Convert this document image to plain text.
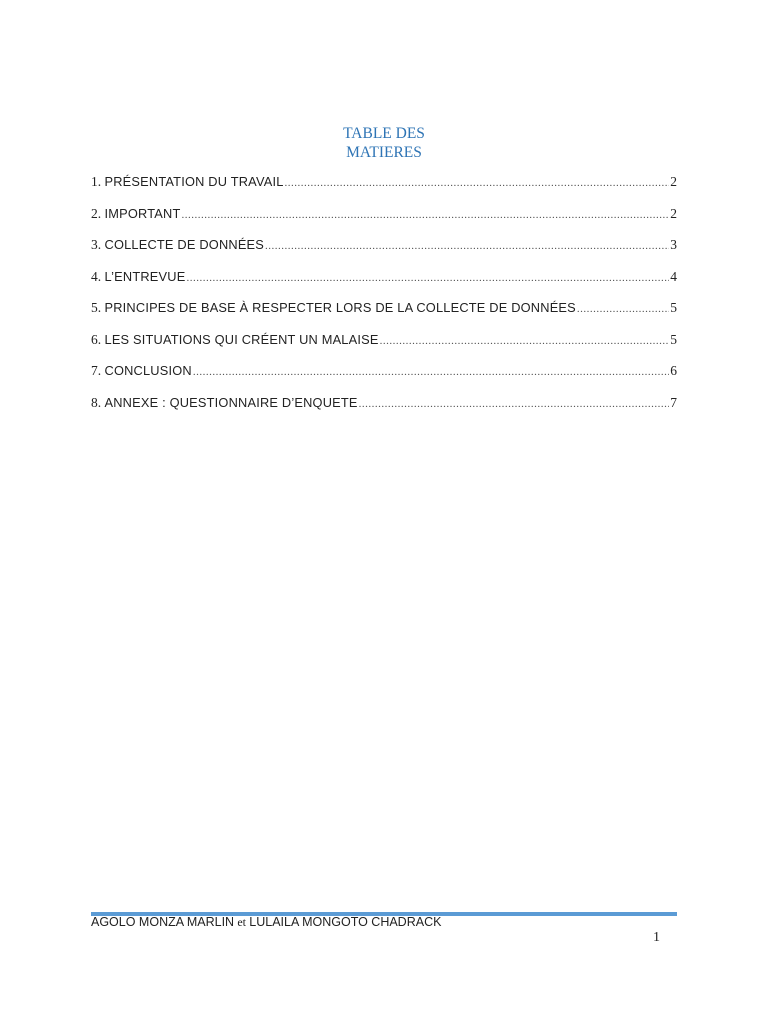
TABLE DES
MATIERES
1. PRÉSENTATION DU TRAVAIL .....	2
2. IMPORTANT .....	2
3. COLLECTE DE DONNÉES .....	3
4. L’ENTREVUE .....	4
5. PRINCIPES DE BASE À RESPECTER LORS DE LA COLLECTE DE DONNÉES .....	5
6. LES SITUATIONS QUI CRÉENT UN MALAISE .....	5
7. CONCLUSION .....	6
8. ANNEXE : QUESTIONNAIRE D’ENQUETE .....	7
AGOLO MONZA MARLIN et LULAILA MONGOTO CHADRACK
1
